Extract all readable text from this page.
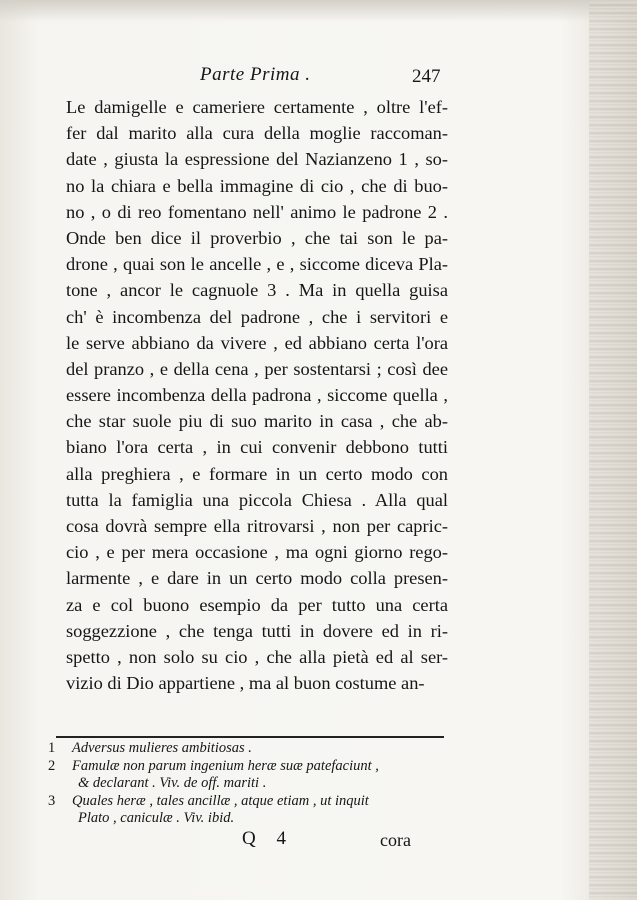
Parte Prima .	247
Le damigelle e cameriere certamente , oltre l'ef-
fer dal marito alla cura della moglie raccoman-
date , giusta la espressione del Nazianzeno 1 , so-
no la chiara e bella immagine di cio , che di buo-
no , o di reo fomentano nell' animo le padrone 2 .
Onde ben dice il proverbio , che tai son le pa-
drone , quai son le ancelle , e , siccome diceva Pla-
tone , ancor le cagnuole 3 . Ma in quella guisa
ch' è incombenza del padrone , che i servitori e
le serve abbiano da vivere , ed abbiano certa l'ora
del pranzo , e della cena , per sostentarsi ; così dee
essere incombenza della padrona , siccome quella ,
che star suole piu di suo marito in casa , che ab-
biano l'ora certa , in cui convenir debbono tutti
alla preghiera , e formare in un certo modo con
tutta la famiglia una piccola Chiesa . Alla qual
cosa dovrà sempre ella ritrovarsi , non per capric-
cio , e per mera occasione , ma ogni giorno rego-
larmente , e dare in un certo modo colla presen-
za e col buono esempio da per tutto una certa
soggezzione , che tenga tutti in dovere ed in ri-
spetto , non solo su cio , che alla pietà ed al ser-
vizio di Dio appartiene , ma al buon costume an-
1	Adversus mulieres ambitiosas .
2	Famulæ non parum ingenium heræ suæ patefaciunt ,
& declarant . Viv. de off. mariti .
3	Quales heræ , tales ancillæ , atque etiam , ut inquit
Plato , caniculæ . Viv. ibid.
Q 4	cora
